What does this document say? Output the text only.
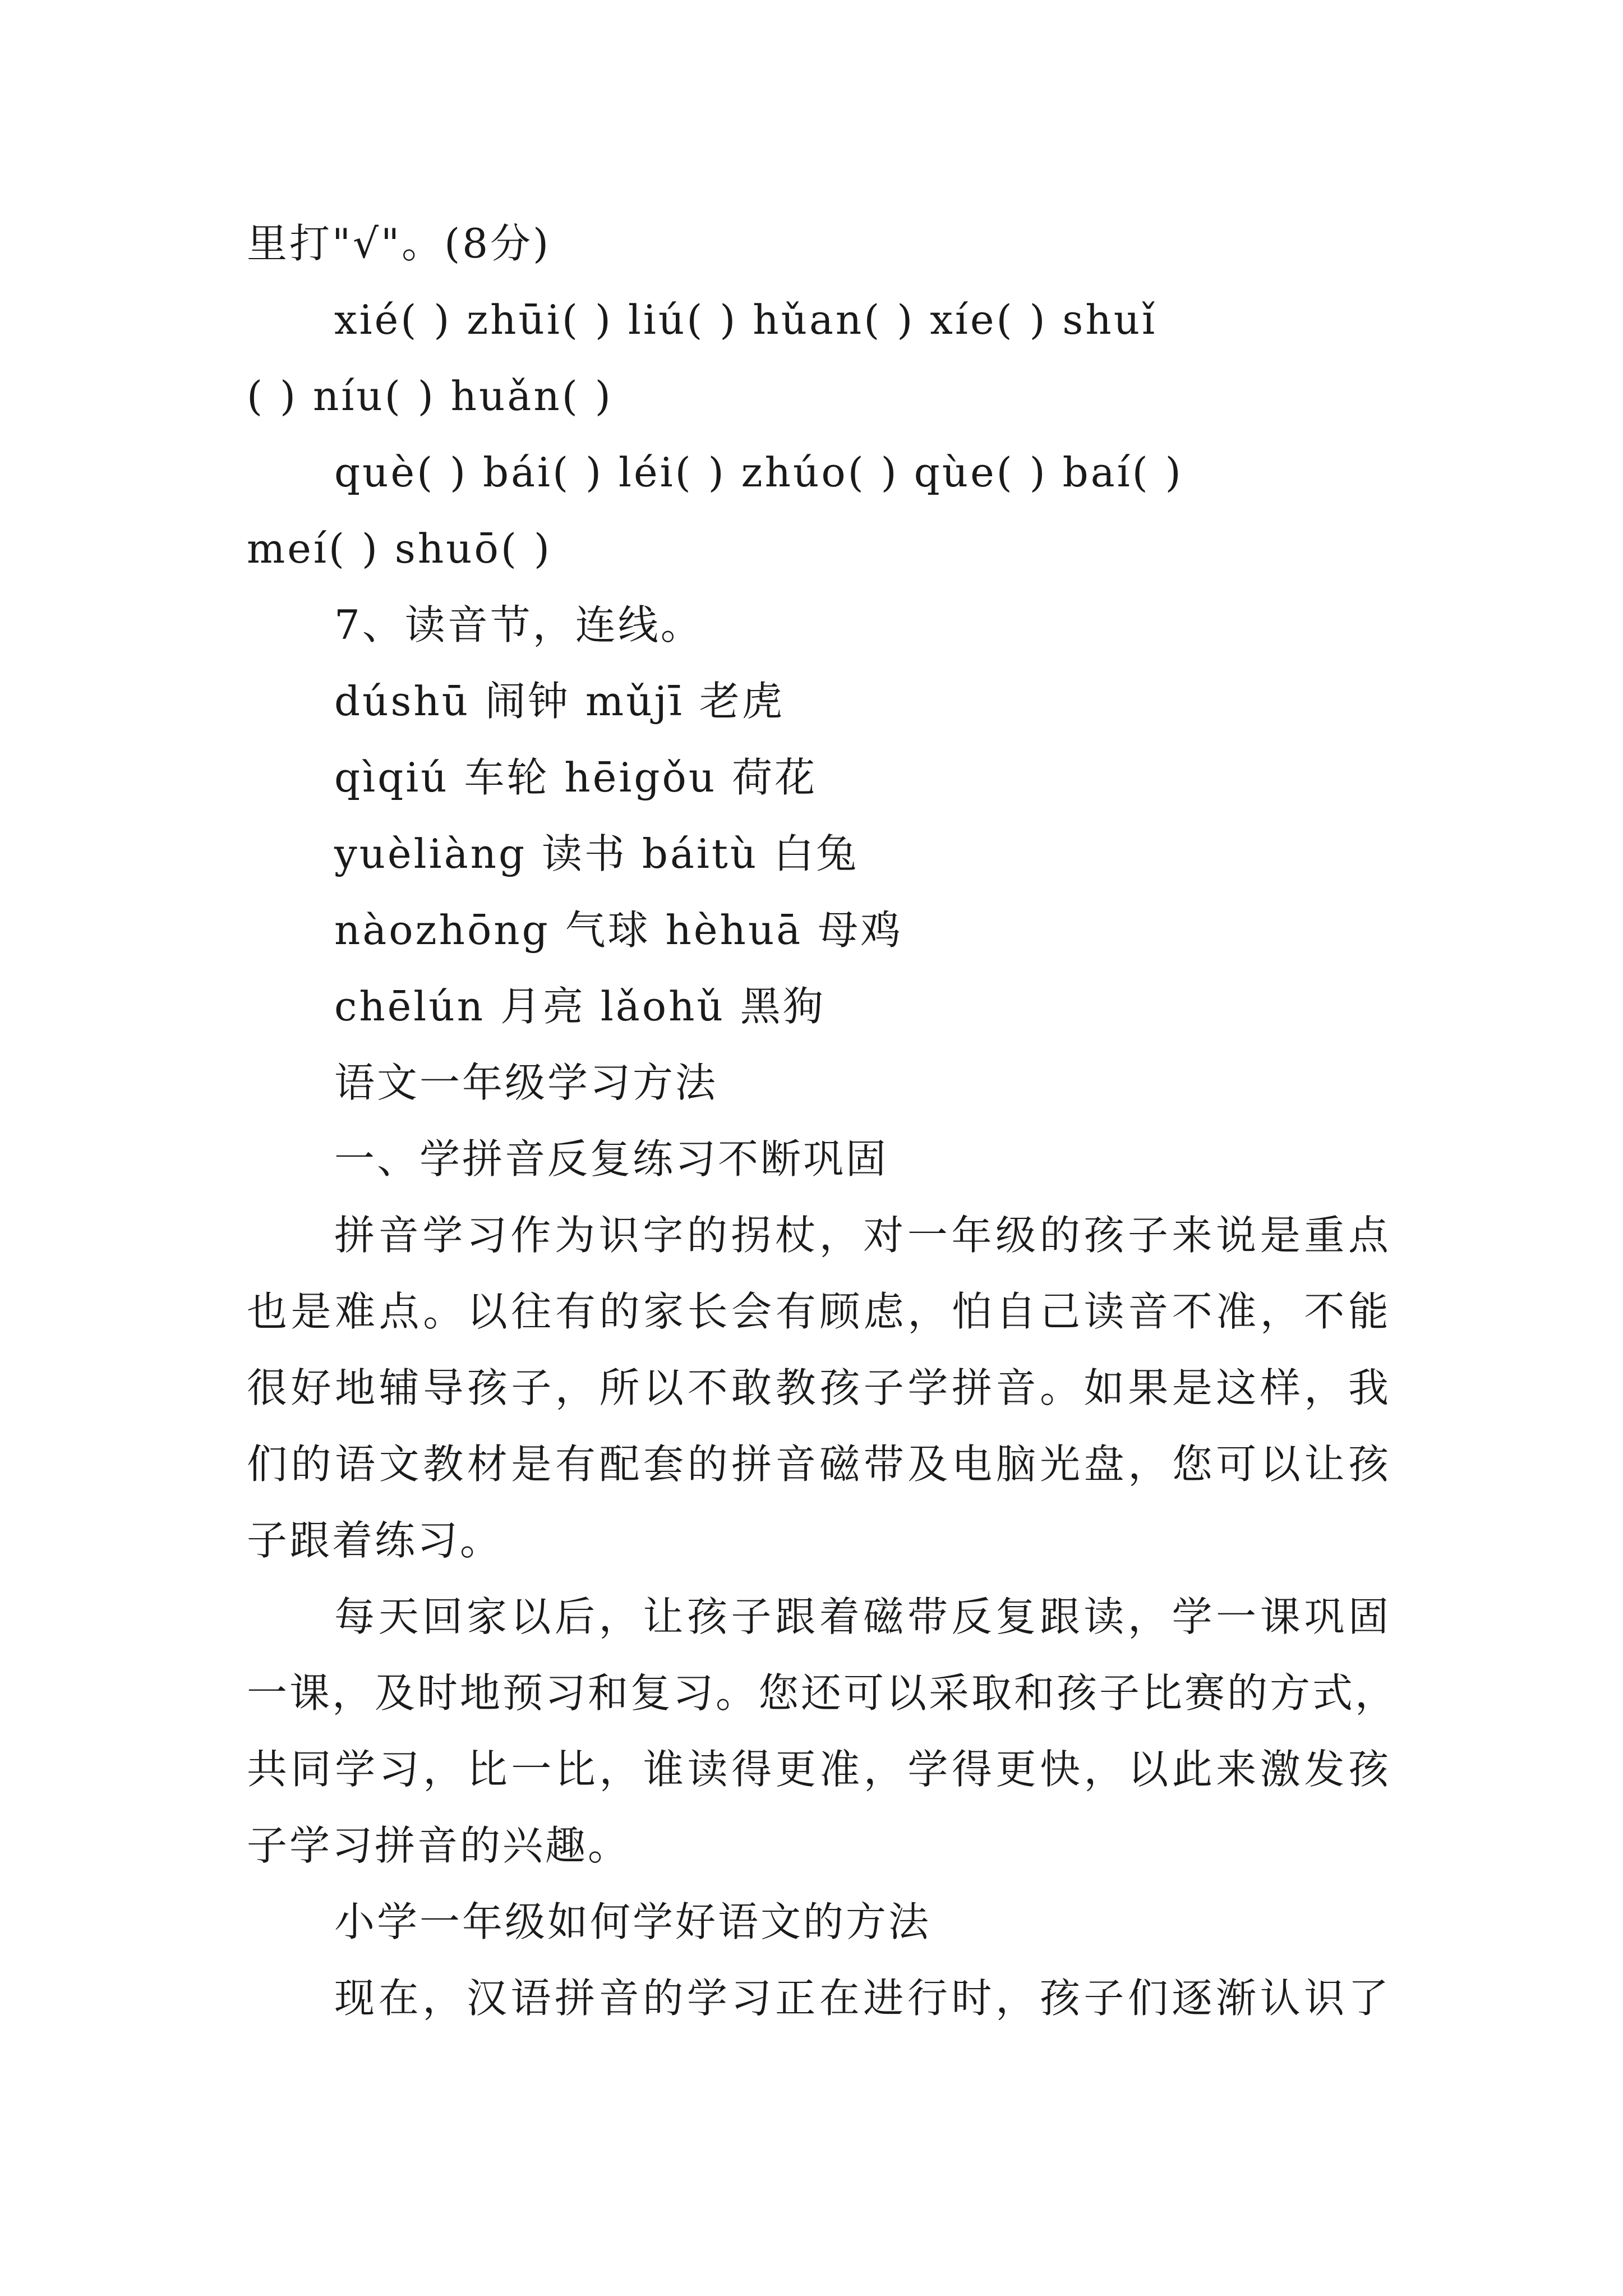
里打"√"。(8分)
xié( ) zhūi( ) liú( ) hǔan( ) xíe( ) shuǐ
( ) níu( ) huǎn( )
què( ) bái( ) léi( ) zhúo( ) qùe( ) baí( )
meí( ) shuō( )
7、读音节，连线。
dúshū 闹钟 mǔjī 老虎
qìqiú 车轮 hēigǒu 荷花
yuèliàng 读书 báitù 白兔
nàozhōng 气球 hèhuā 母鸡
chēlún 月亮 lǎohǔ 黑狗
语文一年级学习方法
一、学拼音反复练习不断巩固
拼音学习作为识字的拐杖，对一年级的孩子来说是重点
也是难点。以往有的家长会有顾虑，怕自己读音不准，不能
很好地辅导孩子，所以不敢教孩子学拼音。如果是这样，我
们的语文教材是有配套的拼音磁带及电脑光盘，您可以让孩
子跟着练习。
每天回家以后，让孩子跟着磁带反复跟读，学一课巩固
一课，及时地预习和复习。您还可以采取和孩子比赛的方式，
共同学习，比一比，谁读得更准，学得更快，以此来激发孩
子学习拼音的兴趣。
小学一年级如何学好语文的方法
现在，汉语拼音的学习正在进行时，孩子们逐渐认识了
